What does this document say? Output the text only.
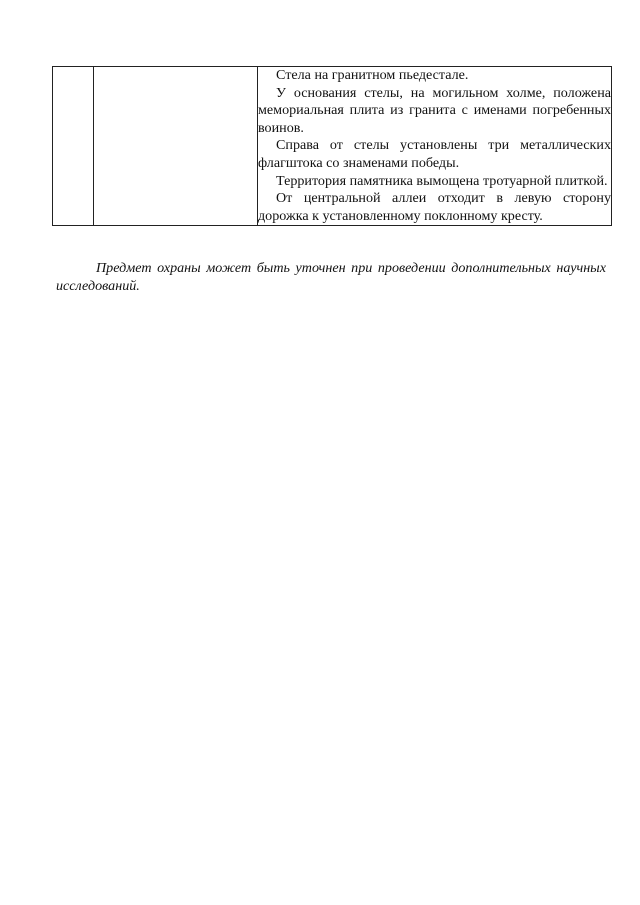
Стела на гранитном пьедестале.

У основания стелы, на могильном холме, положена мемориальная плита из гранита с именами погребенных воинов.

Справа от стелы установлены три металлических флагштока со знаменами победы.

Территория памятника вымощена тротуарной плиткой.

От центральной аллеи отходит в левую сторону дорожка к установленному поклонному кресту.

Предмет охраны может быть уточнен при проведении дополнительных научных исследований.
